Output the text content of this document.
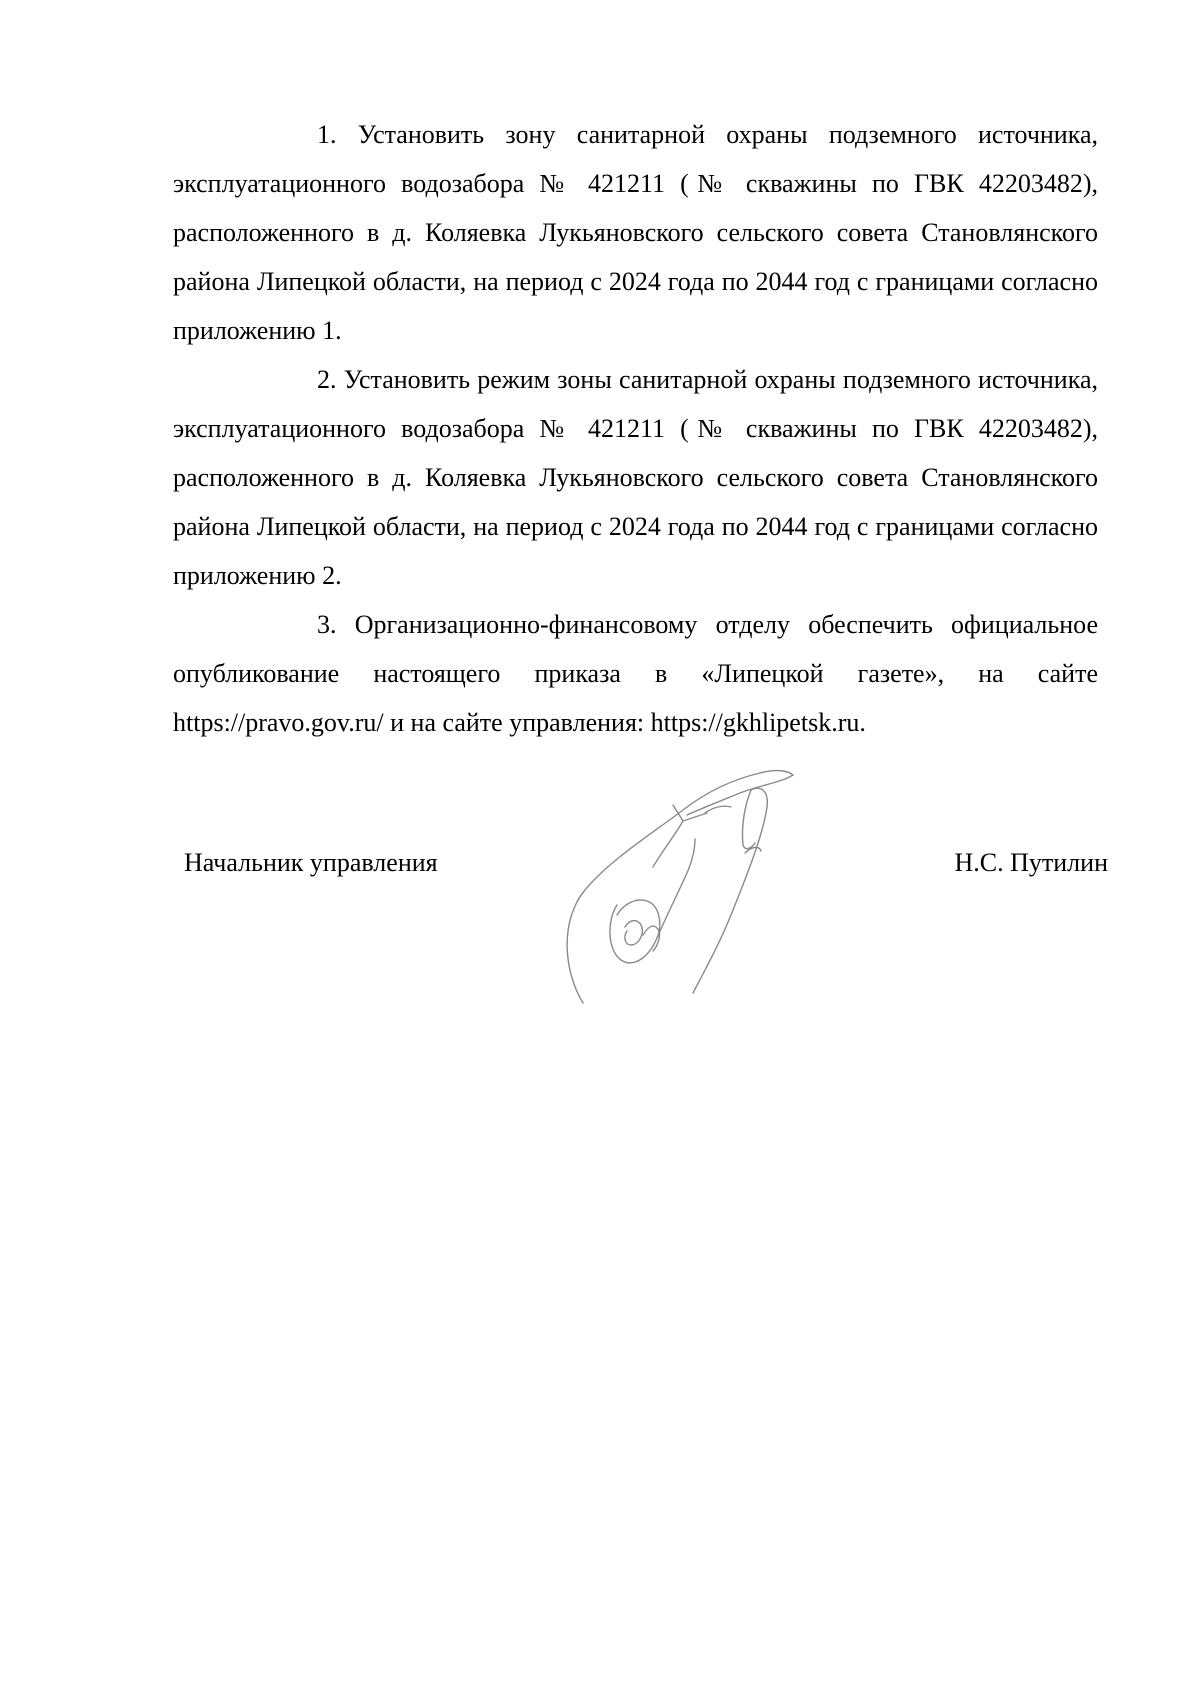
1. Установить зону санитарной охраны подземного источника, эксплуатационного водозабора № 421211 (№ скважины по ГВК 42203482), расположенного в д. Коляевка Лукьяновского сельского совета Становлянского района Липецкой области, на период с 2024 года по 2044 год с границами согласно приложению 1.

2. Установить режим зоны санитарной охраны подземного источника, эксплуатационного водозабора № 421211 (№ скважины по ГВК 42203482), расположенного в д. Коляевка Лукьяновского сельского совета Становлянского района Липецкой области, на период с 2024 года по 2044 год с границами согласно приложению 2.

3. Организационно-финансовому отделу обеспечить официальное опубликование настоящего приказа в «Липецкой газете», на сайте https://pravo.gov.ru/ и на сайте управления: https://gkhlipetsk.ru.

Начальник управления	Н.С. Путилин
